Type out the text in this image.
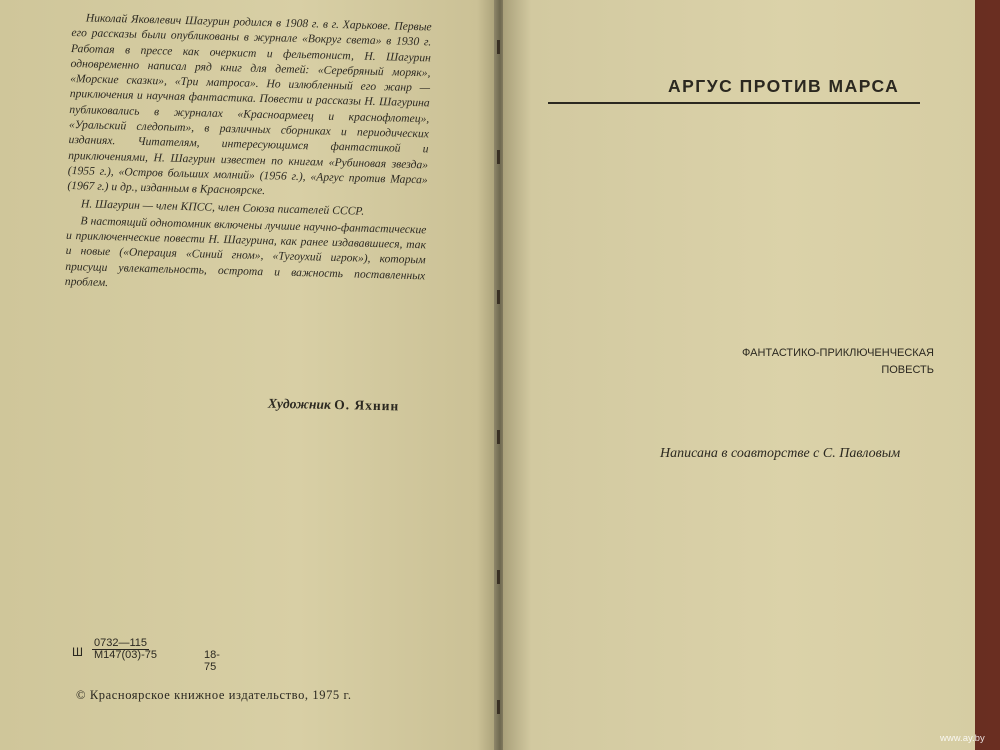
Николай Яковлевич Шагурин родился в 1908 г. в г. Харькове. Первые его рассказы были опубликованы в журнале «Вокруг света» в 1930 г. Работая в прессе как очеркист и фельетонист, Н. Шагурин одновременно написал ряд книг для детей: «Серебряный моряк», «Морские сказки», «Три матроса». Но излюбленный его жанр — приключения и научная фантастика. Повести и рассказы Н. Шагурина публиковались в журналах «Красноармеец и краснофлотец», «Уральский следопыт», в различных сборниках и периодических изданиях. Читателям, интересующимся фантастикой и приключениями, Н. Шагурин известен по книгам «Рубиновая звезда» (1955 г.), «Остров больших молний» (1956 г.), «Аргус против Марса» (1967 г.) и др., изданным в Красноярске.

Н. Шагурин — член КПСС, член Союза писателей СССР.

В настоящий однотомник включены лучшие научно-фантастические и приключенческие повести Н. Шагурина, как ранее издававшиеся, так и новые («Операция «Синий гном», «Тугоухий игрок»), которым присущи увлекательность, острота и важность поставленных проблем.

Художник О. Яхнин
Ш
0732—115
М147(03)-75	18-75
© Красноярское книжное издательство, 1975 г.
АРГУС ПРОТИВ МАРСА
ФАНТАСТИКО-ПРИКЛЮЧЕНЧЕСКАЯ
ПОВЕСТЬ
Написана в соавторстве с С. Павловым
www.ay.by
